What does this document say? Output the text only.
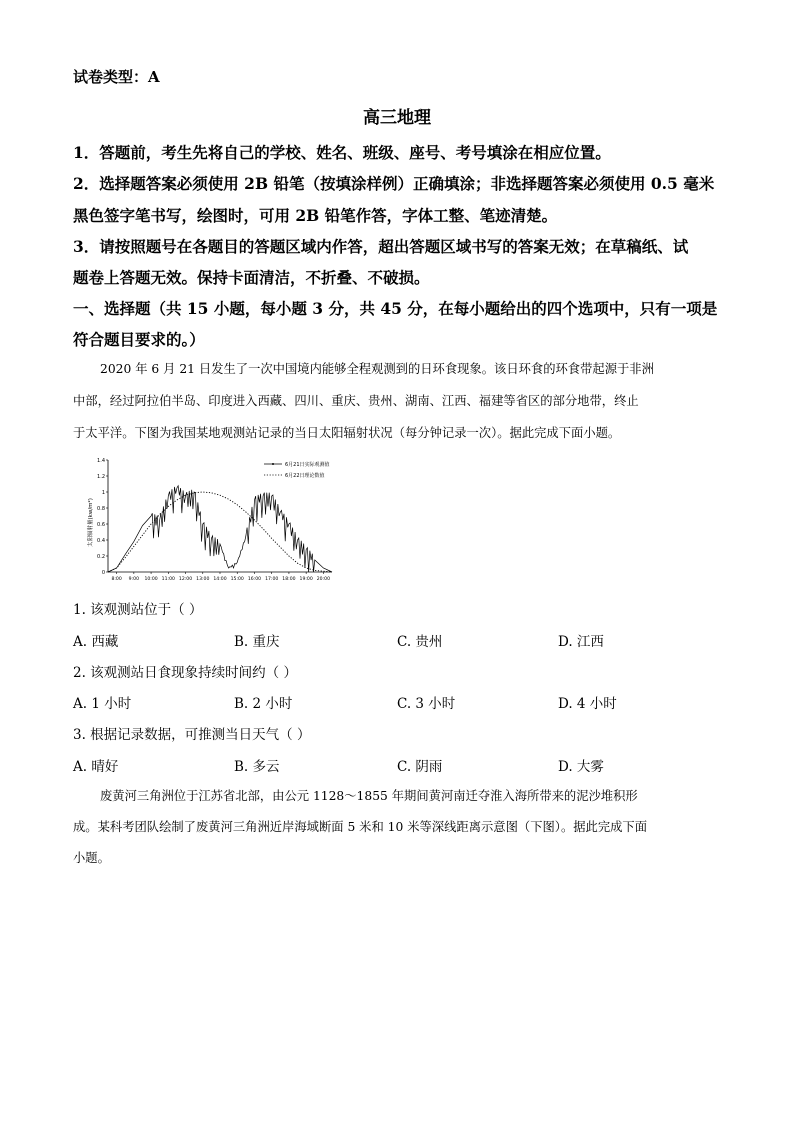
试卷类型：A
高三地理
1．答题前，考生先将自己的学校、姓名、班级、座号、考号填涂在相应位置。
2．选择题答案必须使用 2B 铅笔（按填涂样例）正确填涂；非选择题答案必须使用 0.5 毫米
黑色签字笔书写，绘图时，可用 2B 铅笔作答，字体工整、笔迹清楚。
3．请按照题号在各题目的答题区域内作答，超出答题区域书写的答案无效；在草稿纸、试
题卷上答题无效。保持卡面清洁，不折叠、不破损。
一、选择题（共 15 小题，每小题 3 分，共 45 分，在每小题给出的四个选项中，只有一项是
符合题目要求的。）
2020 年 6 月 21 日发生了一次中国境内能够全程观测到的日环食现象。该日环食的环食带起源于非洲
中部，经过阿拉伯半岛、印度进入西藏、四川、重庆、贵州、湖南、江西、福建等省区的部分地带，终止
于太平洋。下图为我国某地观测站记录的当日太阳辐射状况（每分钟记录一次）。据此完成下面小题。
太阳辐射量(kw/m²)
0
0.2
0.4
0.6
0.8
1
1.2
1.4
8:00 9:00 10:00 11:00 12:00 13:00 14:00 15:00 16:00 17:00 18:00 19:00 20:00
6月21日实际观测值
6月22日理论数值
1. 该观测站位于（ ）
A. 西藏	B. 重庆	C. 贵州	D. 江西
2. 该观测站日食现象持续时间约（ ）
A. 1 小时	B. 2 小时	C. 3 小时	D. 4 小时
3. 根据记录数据，可推测当日天气（ ）
A. 晴好	B. 多云	C. 阴雨	D. 大雾
废黄河三角洲位于江苏省北部，由公元 1128～1855 年期间黄河南迁夺淮入海所带来的泥沙堆积形
成。某科考团队绘制了废黄河三角洲近岸海域断面 5 米和 10 米等深线距离示意图（下图）。据此完成下面
小题。
